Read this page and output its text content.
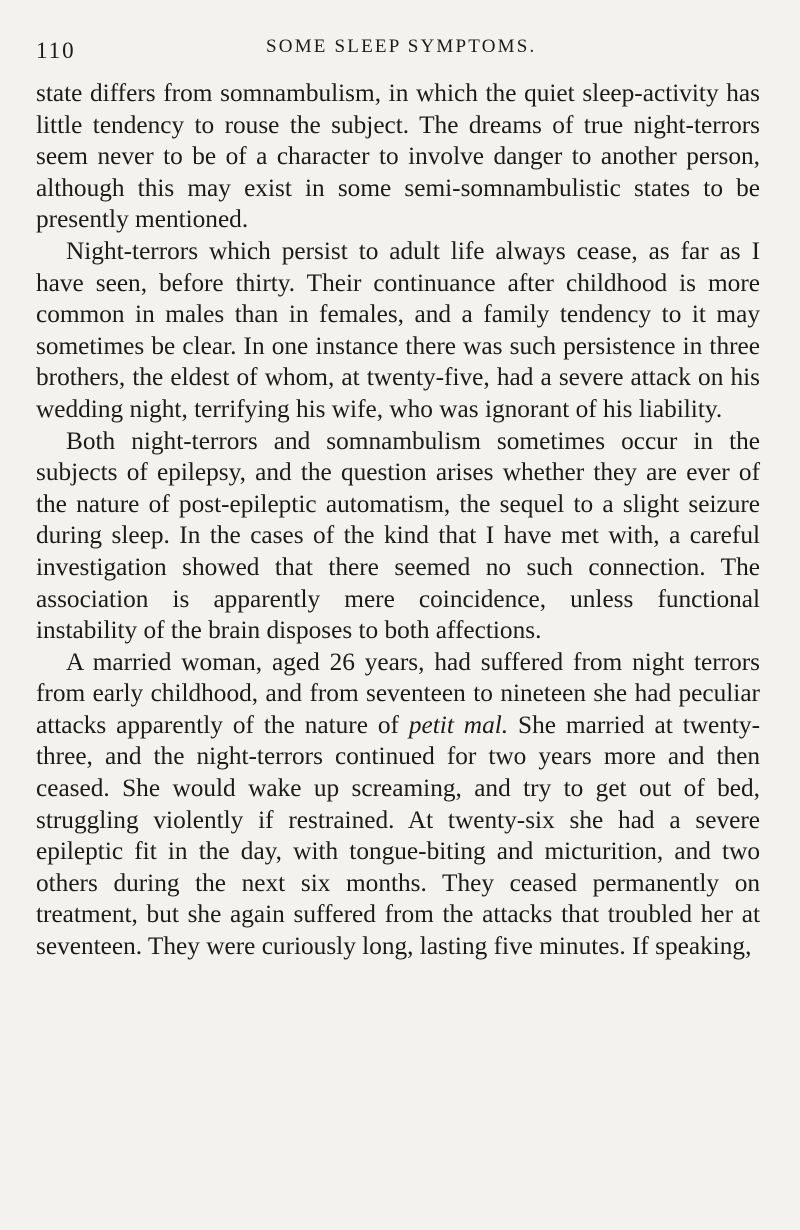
110	SOME SLEEP SYMPTOMS.

state differs from somnambulism, in which the quiet sleep-activity has little tendency to rouse the subject. The dreams of true night-terrors seem never to be of a character to involve danger to another person, although this may exist in some semi-somnambulistic states to be presently mentioned.

Night-terrors which persist to adult life always cease, as far as I have seen, before thirty. Their continuance after childhood is more common in males than in females, and a family tendency to it may sometimes be clear. In one instance there was such persistence in three brothers, the eldest of whom, at twenty-five, had a severe attack on his wedding night, terrifying his wife, who was ignorant of his liability.

Both night-terrors and somnambulism sometimes occur in the subjects of epilepsy, and the question arises whether they are ever of the nature of post-epileptic automatism, the sequel to a slight seizure during sleep. In the cases of the kind that I have met with, a careful investigation showed that there seemed no such connection. The association is apparently mere coincidence, unless functional instability of the brain disposes to both affections.

A married woman, aged 26 years, had suffered from night terrors from early childhood, and from seventeen to nineteen she had peculiar attacks apparently of the nature of petit mal. She married at twenty-three, and the night-terrors continued for two years more and then ceased. She would wake up screaming, and try to get out of bed, struggling violently if restrained. At twenty-six she had a severe epileptic fit in the day, with tongue-biting and micturition, and two others during the next six months. They ceased permanently on treatment, but she again suffered from the attacks that troubled her at seventeen. They were curiously long, lasting five minutes. If speaking,
